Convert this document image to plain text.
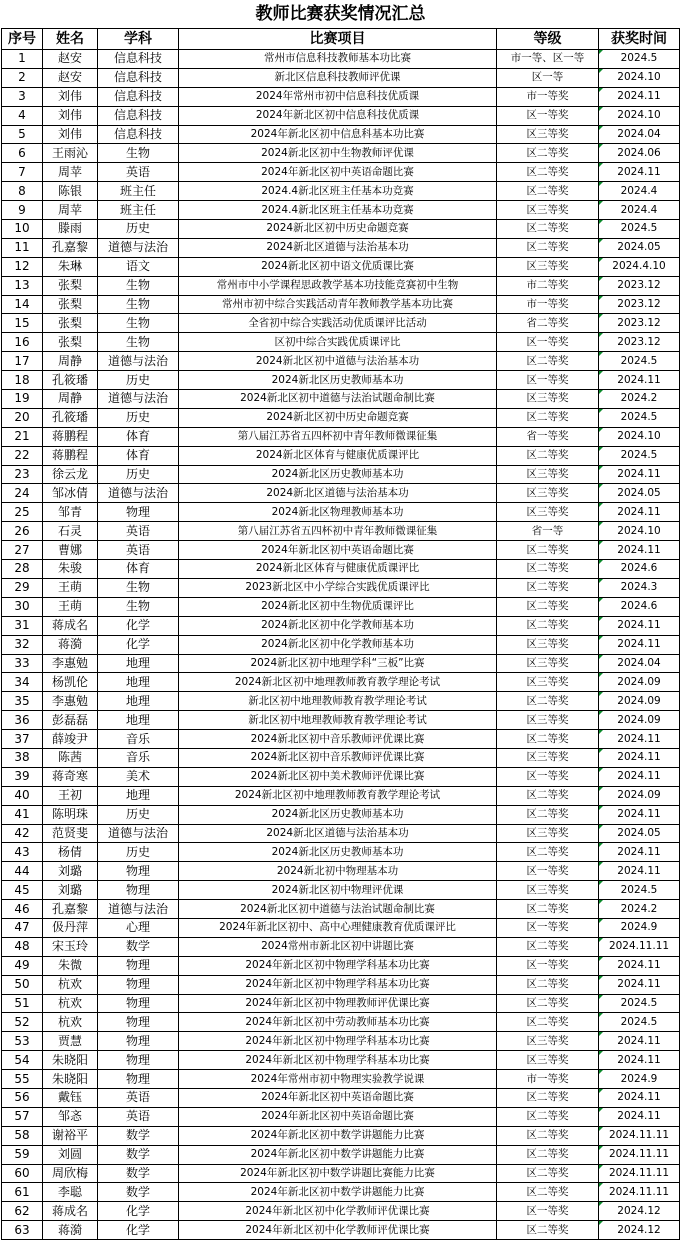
教师比赛获奖情况汇总
序号	姓名	学科	比赛项目	等级	获奖时间
1	赵安	信息科技	常州市信息科技教师基本功比赛	市一等、区一等	2024.5
2	赵安	信息科技	新北区信息科技教师评优课	区一等	2024.10
3	刘伟	信息科技	2024年常州市初中信息科技优质课	市一等奖	2024.11
4	刘伟	信息科技	2024年新北区初中信息科技优质课	区一等奖	2024.10
5	刘伟	信息科技	2024年新北区初中信息科基本功比赛	区三等奖	2024.04
6	王雨沁	生物	2024新北区初中生物教师评优课	区二等奖	2024.06
7	周苹	英语	2024年新北区初中英语命题比赛	区二等奖	2024.11
8	陈银	班主任	2024.4新北区班主任基本功竞赛	区二等奖	2024.4
9	周苹	班主任	2024.4新北区班主任基本功竞赛	区三等奖	2024.4
10	滕雨	历史	2024新北区初中历史命题竞赛	区二等奖	2024.5
11	孔嘉黎	道德与法治	2024新北区道德与法治基本功	区二等奖	2024.05
12	朱琳	语文	2024新北区初中语文优质课比赛	区三等奖	2024.4.10
13	张梨	生物	常州市中小学课程思政教学基本功技能竞赛初中生物	市二等奖	2023.12
14	张梨	生物	常州市初中综合实践活动青年教师教学基本功比赛	市一等奖	2023.12
15	张梨	生物	全省初中综合实践活动优质课评比活动	省二等奖	2023.12
16	张梨	生物	区初中综合实践优质课评比	区一等奖	2023.12
17	周静	道德与法治	2024新北区初中道德与法治基本功	区二等奖	2024.5
18	孔筱璠	历史	2024新北区历史教师基本功	区一等奖	2024.11
19	周静	道德与法治	2024新北区初中道德与法治试题命制比赛	区三等奖	2024.2
20	孔筱璠	历史	2024新北区初中历史命题竞赛	区二等奖	2024.5
21	蒋鹏程	体育	第八届江苏省五四杯初中青年教师微课征集	省一等奖	2024.10
22	蒋鹏程	体育	2024新北区体育与健康优质课评比	区二等奖	2024.5
23	徐云龙	历史	2024新北区历史教师基本功	区三等奖	2024.11
24	邹冰倩	道德与法治	2024新北区道德与法治基本功	区三等奖	2024.05
25	邹青	物理	2024新北区物理教师基本功	区三等奖	2024.11
26	石灵	英语	第八届江苏省五四杯初中青年教师微课征集	省一等	2024.10
27	曹娜	英语	2024年新北区初中英语命题比赛	区二等奖	2024.11
28	朱骏	体育	2024新北区体育与健康优质课评比	区二等奖	2024.6
29	王萌	生物	2023新北区中小学综合实践优质课评比	区二等奖	2024.3
30	王萌	生物	2024新北区初中生物优质课评比	区二等奖	2024.6
31	蒋成名	化学	2024新北区初中化学教师基本功	区二等奖	2024.11
32	蒋漪	化学	2024新北区初中化学教师基本功	区三等奖	2024.11
33	李惠勉	地理	2024新北区初中地理学科“三板”比赛	区三等奖	2024.04
34	杨凯伦	地理	2024新北区初中地理教师教育教学理论考试	区三等奖	2024.09
35	李惠勉	地理	新北区初中地理教师教育教学理论考试	区二等奖	2024.09
36	彭磊磊	地理	新北区初中地理教师教育教学理论考试	区三等奖	2024.09
37	薛竣尹	音乐	2024新北区初中音乐教师评优课比赛	区二等奖	2024.11
38	陈茜	音乐	2024新北区初中音乐教师评优课比赛	区三等奖	2024.11
39	蒋奇寒	美术	2024新北区初中美术教师评优课比赛	区一等奖	2024.11
40	王初	地理	2024新北区初中地理教师教育教学理论考试	区二等奖	2024.09
41	陈明珠	历史	2024新北区历史教师基本功	区二等奖	2024.11
42	范贤斐	道德与法治	2024新北区道德与法治基本功	区三等奖	2024.05
43	杨倩	历史	2024新北区历史教师基本功	区二等奖	2024.11
44	刘璐	物理	2024新北初中物理基本功	区一等奖	2024.11
45	刘璐	物理	2024新北区初中物理评优课	区三等奖	2024.5
46	孔嘉黎	道德与法治	2024新北区初中道德与法治试题命制比赛	区二等奖	2024.2
47	伋丹萍	心理	2024年新北区初中、高中心理健康教育优质课评比	区一等奖	2024.9
48	宋玉玲	数学	2024常州市新北区初中讲题比赛	区二等奖	2024.11.11
49	朱微	物理	2024年新北区初中物理学科基本功比赛	区一等奖	2024.11
50	杭欢	物理	2024年新北区初中物理学科基本功比赛	区二等奖	2024.11
51	杭欢	物理	2024年新北区初中物理教师评优课比赛	区二等奖	2024.5
52	杭欢	物理	2024年新北区初中劳动教师基本功比赛	区二等奖	2024.5
53	贾慧	物理	2024年新北区初中物理学科基本功比赛	区三等奖	2024.11
54	朱晓阳	物理	2024年新北区初中物理学科基本功比赛	区三等奖	2024.11
55	朱晓阳	物理	2024年常州市初中物理实验教学说课	市一等奖	2024.9
56	戴钰	英语	2024年新北区初中英语命题比赛	区二等奖	2024.11
57	邹忞	英语	2024年新北区初中英语命题比赛	区二等奖	2024.11
58	谢裕平	数学	2024年新北区初中数学讲题能力比赛	区二等奖	2024.11.11
59	刘圆	数学	2024年新北区初中数学讲题能力比赛	区二等奖	2024.11.11
60	周欣梅	数学	2024年新北区初中数学讲题比赛能力比赛	区二等奖	2024.11.11
61	李聪	数学	2024年新北区初中数学讲题能力比赛	区二等奖	2024.11.11
62	蒋成名	化学	2024年新北区初中化学教师评优课比赛	区一等奖	2024.12
63	蒋漪	化学	2024年新北区初中化学教师评优课比赛	区二等奖	2024.12
